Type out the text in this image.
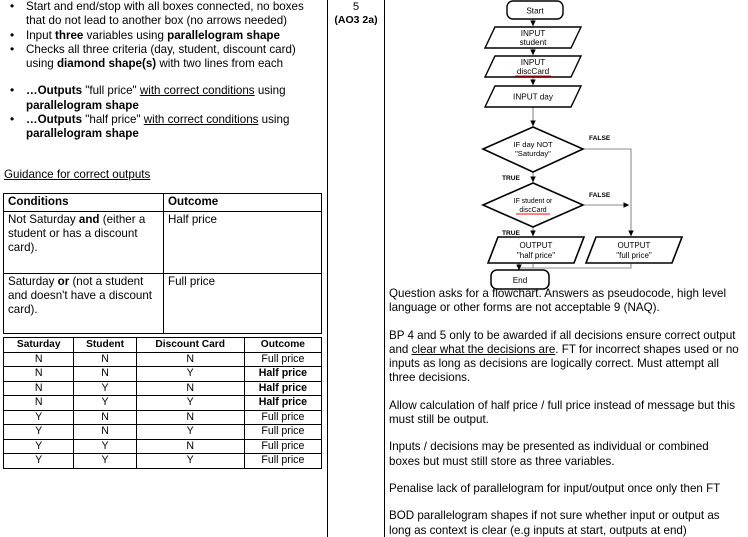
• Start and end/stop with all boxes connected, no boxes that do not lead to another box (no arrows needed)
• Input three variables using parallelogram shape
• Checks all three criteria (day, student, discount card) using diamond shape(s) with two lines from each
• …Outputs "full price" with correct conditions using parallelogram shape
• …Outputs "half price" with correct conditions using parallelogram shape
Guidance for correct outputs
Conditions	Outcome
Not Saturday and (either a student or has a discount card).	Half price
Saturday or (not a student and doesn't have a discount card).	Full price
Saturday	Student	Discount Card	Outcome
N	N	N	Full price
N	N	Y	Half price
N	Y	N	Half price
N	Y	Y	Half price
Y	N	N	Full price
Y	N	Y	Full price
Y	Y	N	Full price
Y	Y	Y	Full price
5
(AO3 2a)
Start
INPUT
student
INPUT
discCard
INPUT day
IF day NOT
"Saturday"
FALSE
TRUE
IF student or
discCard
FALSE
TRUE
OUTPUT
"half price"
OUTPUT
"full price"
End

Question asks for a flowchart. Answers as pseudocode, high level language or other forms are not acceptable 9 (NAQ).

BP 4 and 5 only to be awarded if all decisions ensure correct output and clear what the decisions are. FT for incorrect shapes used or no inputs as long as decisions are logically correct. Must attempt all three decisions.

Allow calculation of half price / full price instead of message but this must still be output.

Inputs / decisions may be presented as individual or combined boxes but must still store as three variables.

Penalise lack of parallelogram for input/output once only then FT

BOD parallelogram shapes if not sure whether input or output as long as context is clear (e.g inputs at start, outputs at end)
